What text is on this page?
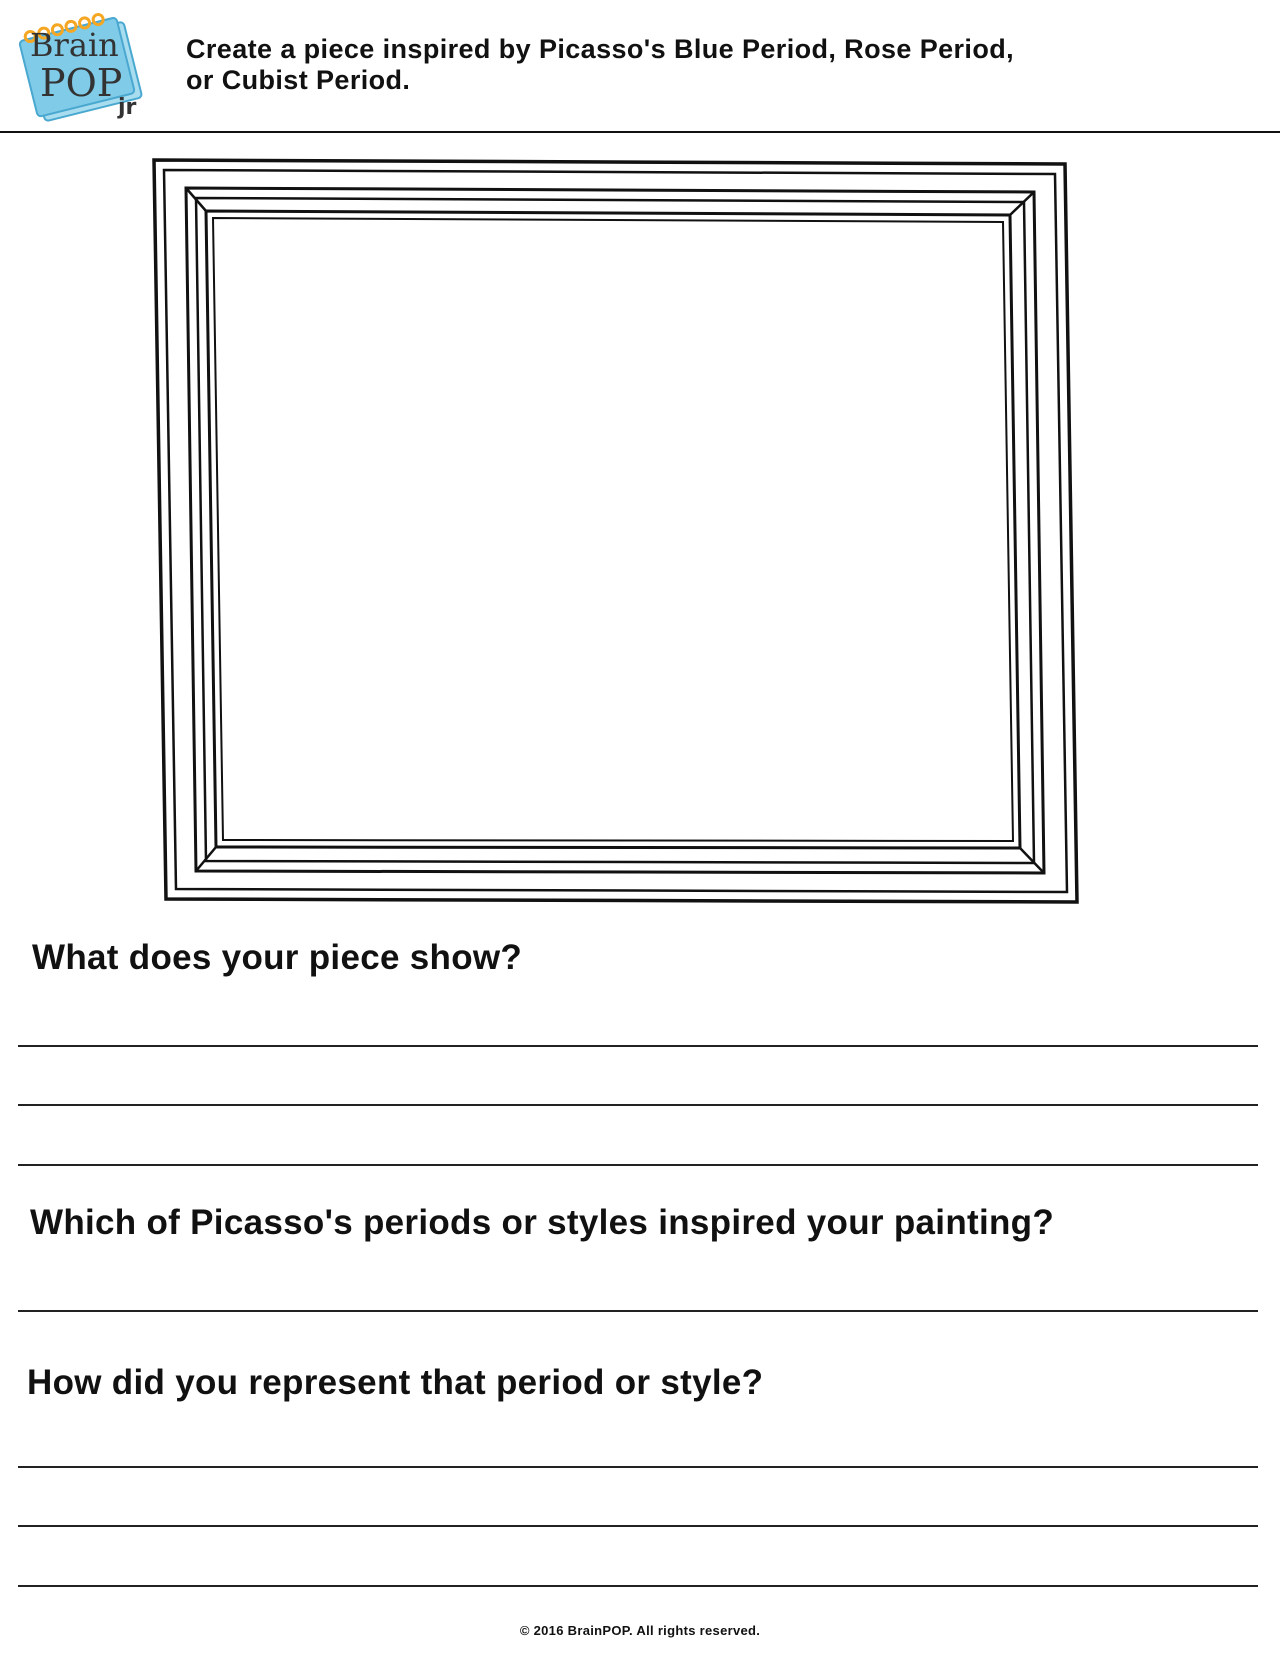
Brain
POP
jr
Create a piece inspired by Picasso's Blue Period, Rose Period,
or Cubist Period.
What does your piece show?
Which of Picasso's periods or styles inspired your painting?
How did you represent that period or style?
© 2016 BrainPOP. All rights reserved.
